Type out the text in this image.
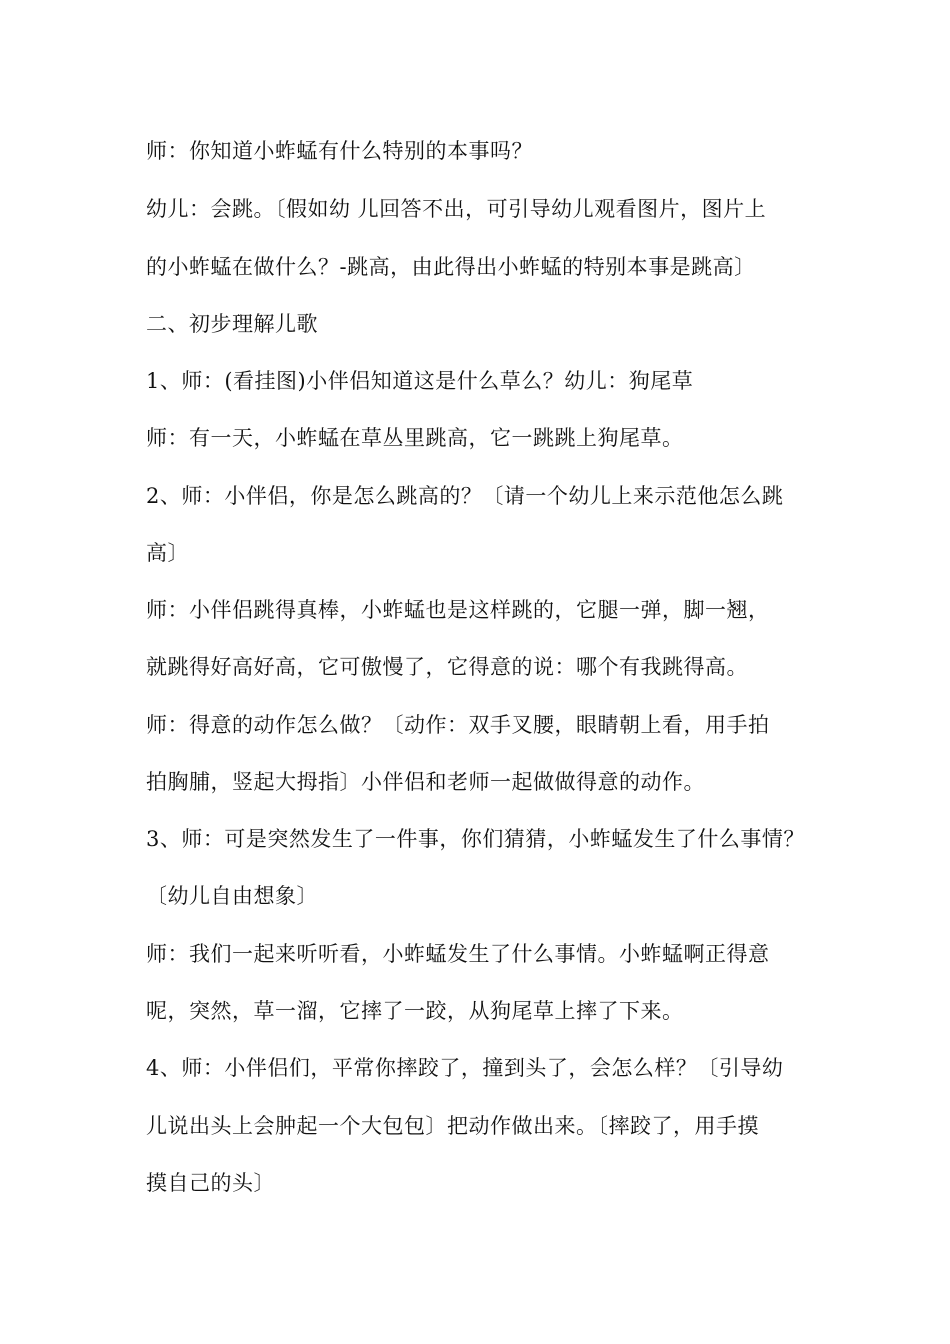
师：你知道小蚱蜢有什么特别的本事吗？
幼儿：会跳。〔假如幼 儿回答不出，可引导幼儿观看图片，图片上
的小蚱蜢在做什么？-跳高，由此得出小蚱蜢的特别本事是跳高〕
二、初步理解儿歌
1、师：(看挂图)小伴侣知道这是什么草么？幼儿：狗尾草
师：有一天，小蚱蜢在草丛里跳高，它一跳跳上狗尾草。
2、师：小伴侣，你是怎么跳高的？〔请一个幼儿上来示范他怎么跳
高〕
师：小伴侣跳得真棒，小蚱蜢也是这样跳的，它腿一弹，脚一翘，
就跳得好高好高，它可傲慢了，它得意的说：哪个有我跳得高。
师：得意的动作怎么做？〔动作：双手叉腰，眼睛朝上看，用手拍
拍胸脯，竖起大拇指〕小伴侣和老师一起做做得意的动作。
3、师：可是突然发生了一件事，你们猜猜，小蚱蜢发生了什么事情？
〔幼儿自由想象〕
师：我们一起来听听看，小蚱蜢发生了什么事情。小蚱蜢啊正得意
呢，突然，草一溜，它摔了一跤，从狗尾草上摔了下来。
4、师：小伴侣们，平常你摔跤了，撞到头了，会怎么样？〔引导幼
儿说出头上会肿起一个大包包〕把动作做出来。〔摔跤了，用手摸
摸自己的头〕
